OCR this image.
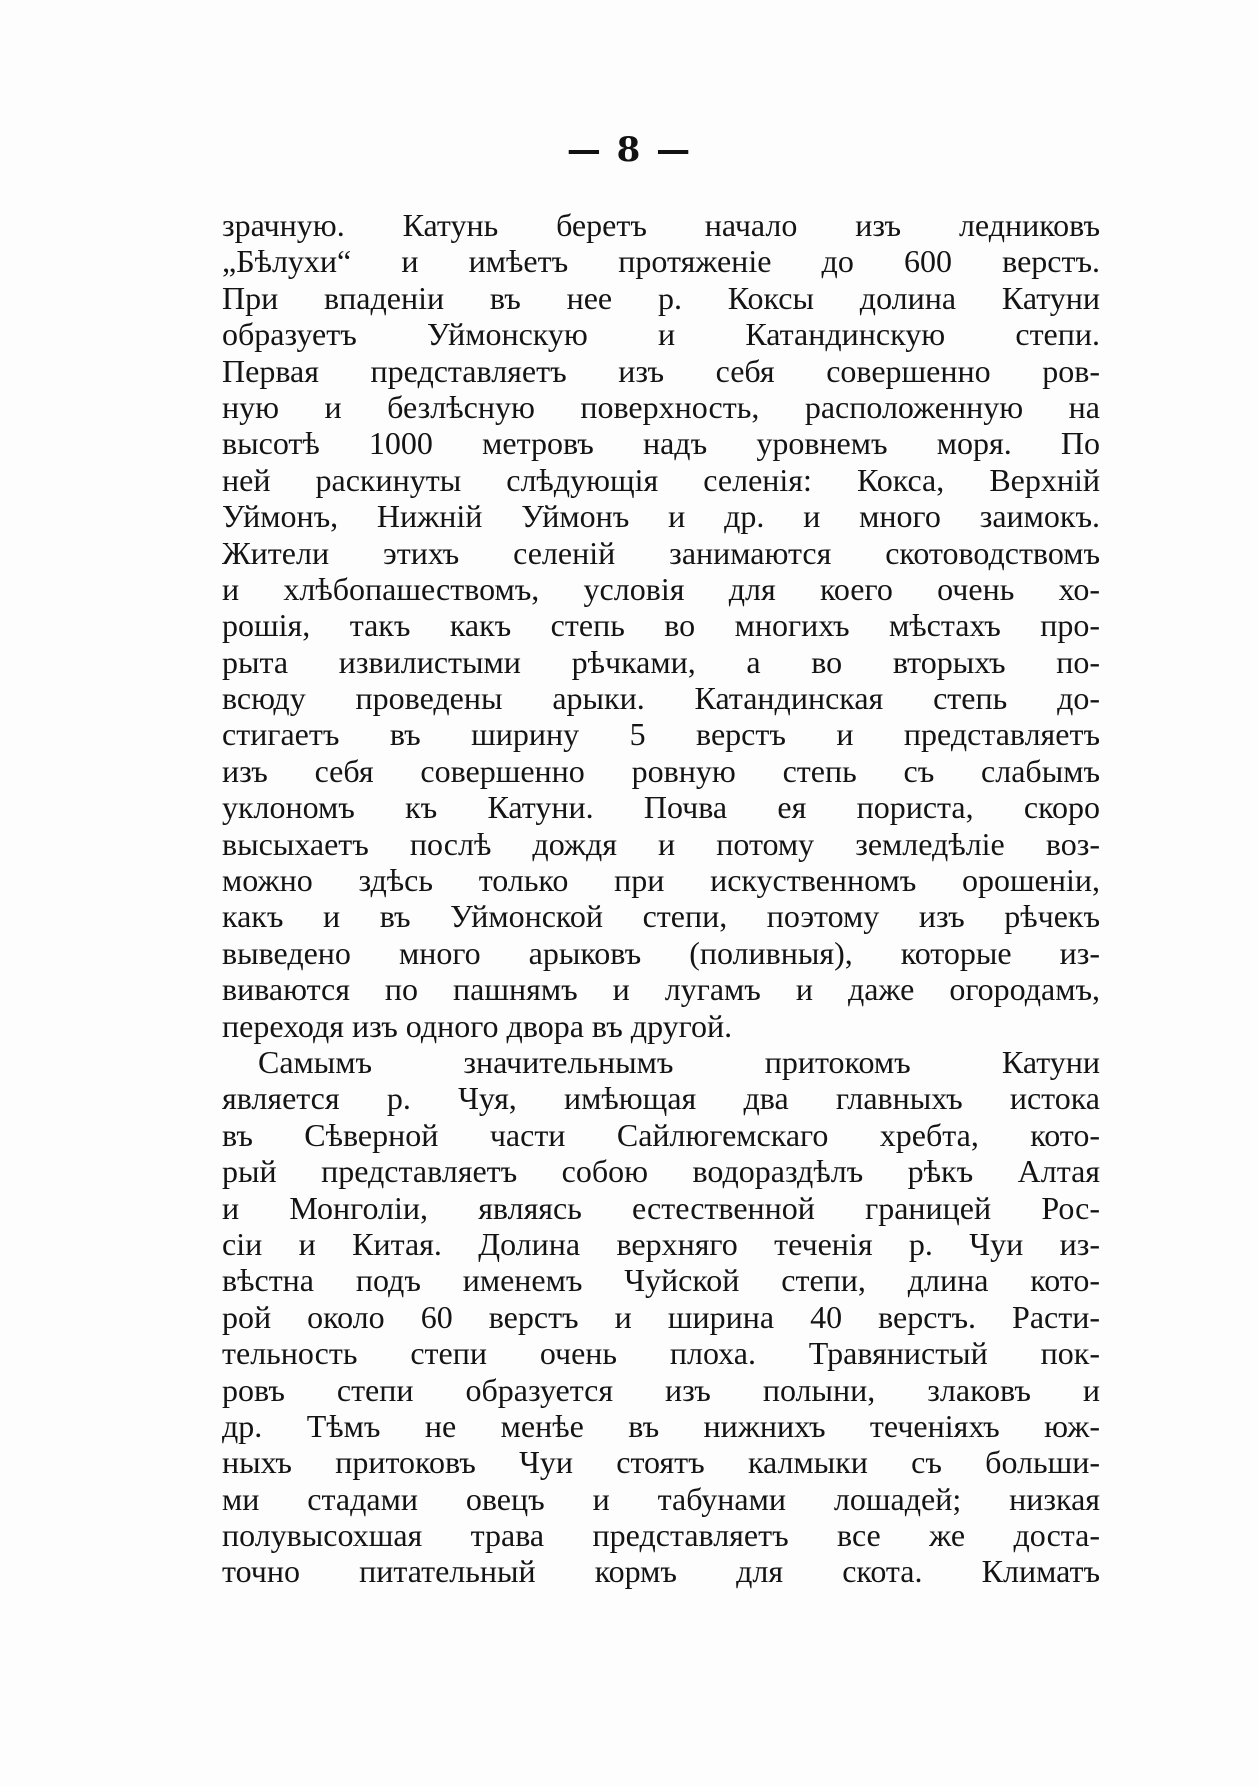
— 8 —
зрачную. Катунь беретъ начало изъ ледниковъ
„Бѣлухи“ и имѣетъ протяженіе до 600 верстъ.
При впаденіи въ нее р. Коксы долина Катуни
образуетъ Уймонскую и Катандинскую степи.
Первая представляетъ изъ себя совершенно ров-
ную и безлѣсную поверхность, расположенную на
высотѣ 1000 метровъ надъ уровнемъ моря. По
ней раскинуты слѣдующія селенія: Кокса, Верхній
Уймонъ, Нижній Уймонъ и др. и много заимокъ.
Жители этихъ селеній занимаются скотоводствомъ
и хлѣбопашествомъ, условія для коего очень хо-
рошія, такъ какъ степь во многихъ мѣстахъ про-
рыта извилистыми рѣчками, а во вторыхъ по-
всюду проведены арыки. Катандинская степь до-
стигаетъ въ ширину 5 верстъ и представляетъ
изъ себя совершенно ровную степь съ слабымъ
уклономъ къ Катуни. Почва ея пориста, скоро
высыхаетъ послѣ дождя и потому земледѣліе воз-
можно здѣсь только при искуственномъ орошеніи,
какъ и въ Уймонской степи, поэтому изъ рѣчекъ
выведено много арыковъ (поливныя), которые из-
виваются по пашнямъ и лугамъ и даже огородамъ,
переходя изъ одного двора въ другой.
Самымъ значительнымъ притокомъ Катуни
является р. Чуя, имѣющая два главныхъ истока
въ Сѣверной части Сайлюгемскаго хребта, кото-
рый представляетъ собою водораздѣлъ рѣкъ Алтая
и Монголіи, являясь естественной границей Рос-
сіи и Китая. Долина верхняго теченія р. Чуи из-
вѣстна подъ именемъ Чуйской степи, длина кото-
рой около 60 верстъ и ширина 40 верстъ. Расти-
тельность степи очень плоха. Травянистый пок-
ровъ степи образуется изъ полыни, злаковъ и
др. Тѣмъ не менѣе въ нижнихъ теченіяхъ юж-
ныхъ притоковъ Чуи стоятъ калмыки съ больши-
ми стадами овецъ и табунами лошадей; низкая
полувысохшая трава представляетъ все же доста-
точно питательный кормъ для скота. Климатъ
